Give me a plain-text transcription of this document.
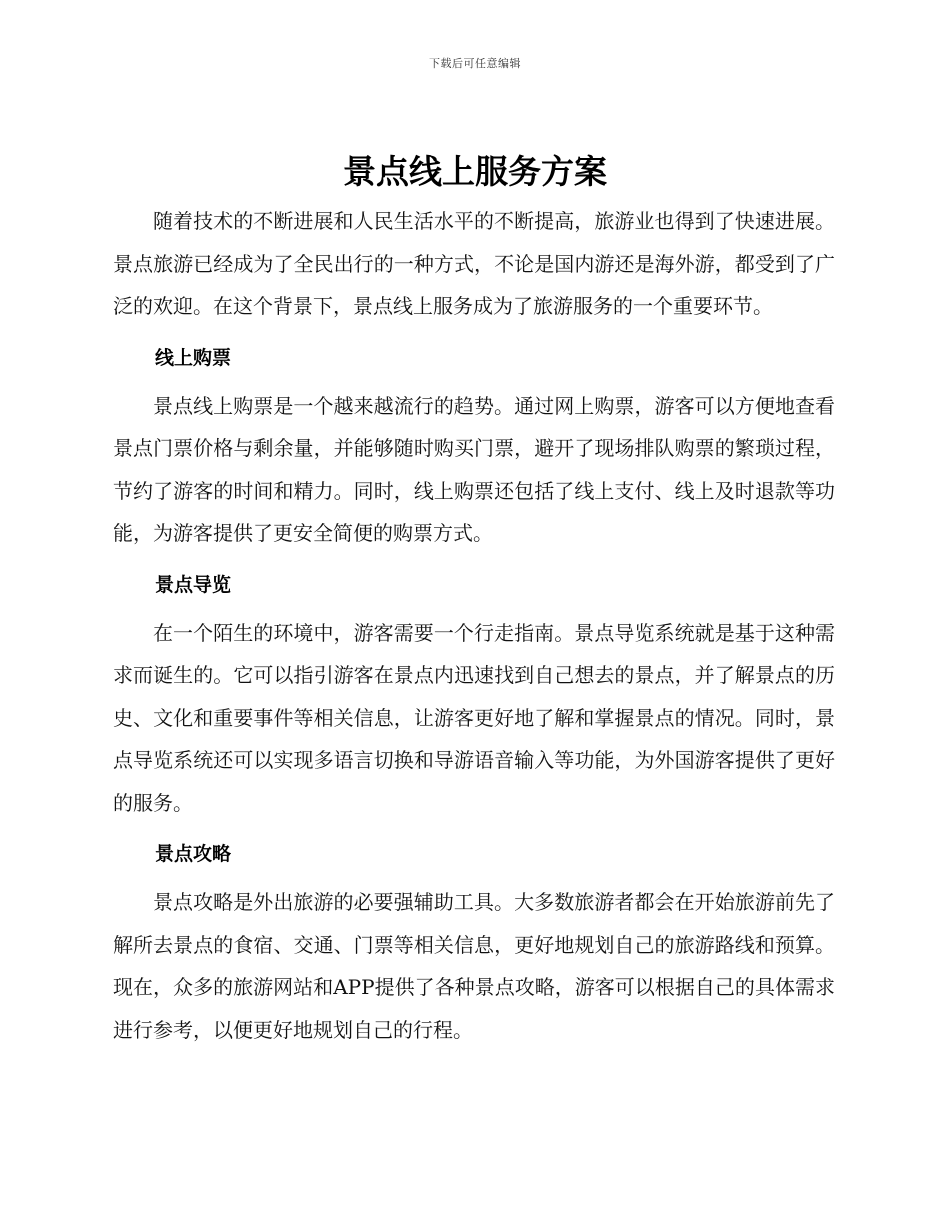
下载后可任意编辑
景点线上服务方案

随着技术的不断进展和人民生活水平的不断提高，旅游业也得到了快速进展。景点旅游已经成为了全民出行的一种方式，不论是国内游还是海外游，都受到了广泛的欢迎。在这个背景下，景点线上服务成为了旅游服务的一个重要环节。

线上购票

景点线上购票是一个越来越流行的趋势。通过网上购票，游客可以方便地查看景点门票价格与剩余量，并能够随时购买门票，避开了现场排队购票的繁琐过程，节约了游客的时间和精力。同时，线上购票还包括了线上支付、线上及时退款等功能，为游客提供了更安全简便的购票方式。

景点导览

在一个陌生的环境中，游客需要一个行走指南。景点导览系统就是基于这种需求而诞生的。它可以指引游客在景点内迅速找到自己想去的景点，并了解景点的历史、文化和重要事件等相关信息，让游客更好地了解和掌握景点的情况。同时，景点导览系统还可以实现多语言切换和导游语音输入等功能，为外国游客提供了更好的服务。

景点攻略

景点攻略是外出旅游的必要强辅助工具。大多数旅游者都会在开始旅游前先了解所去景点的食宿、交通、门票等相关信息，更好地规划自己的旅游路线和预算。现在，众多的旅游网站和APP提供了各种景点攻略，游客可以根据自己的具体需求进行参考，以便更好地规划自己的行程。
